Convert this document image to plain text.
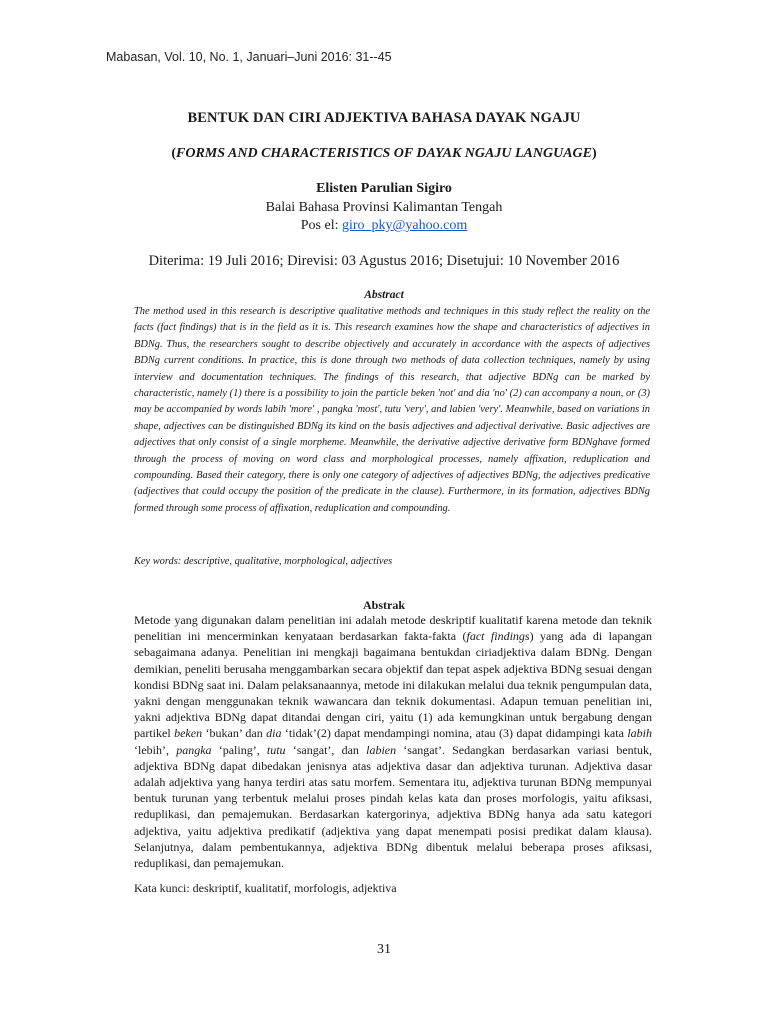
Mabasan, Vol. 10, No. 1, Januari–Juni 2016: 31--45
BENTUK DAN CIRI ADJEKTIVA BAHASA DAYAK NGAJU
(FORMS AND CHARACTERISTICS OF DAYAK NGAJU LANGUAGE)
Elisten Parulian Sigiro
Balai Bahasa Provinsi Kalimantan Tengah
Pos el: giro_pky@yahoo.com
Diterima: 19 Juli 2016; Direvisi: 03 Agustus 2016; Disetujui: 10 November 2016
Abstract

The method used in this research is descriptive qualitative methods and techniques in this study reflect the reality on the facts (fact findings) that is in the field as it is. This research examines how the shape and characteristics of adjectives in BDNg. Thus, the researchers sought to describe objectively and accurately in accordance with the aspects of adjectives BDNg current conditions. In practice, this is done through two methods of data collection techniques, namely by using interview and documentation techniques. The findings of this research, that adjective BDNg can be marked by characteristic, namely (1) there is a possibility to join the particle beken 'not' and dia 'no' (2) can accompany a noun, or (3) may be accompanied by words labih 'more' , pangka 'most', tutu 'very', and labien 'very'. Meanwhile, based on variations in shape, adjectives can be distinguished BDNg its kind on the basis adjectives and adjectival derivative. Basic adjectives are adjectives that only consist of a single morpheme. Meanwhile, the derivative adjective derivative form BDNghave formed through the process of moving on word class and morphological processes, namely affixation, reduplication and compounding. Based their category, there is only one category of adjectives of adjectives BDNg, the adjectives predicative (adjectives that could occupy the position of the predicate in the clause). Furthermore, in its formation, adjectives BDNg formed through some process of affixation, reduplication and compounding.

Key words: descriptive, qualitative, morphological, adjectives
Abstrak

Metode yang digunakan dalam penelitian ini adalah metode deskriptif kualitatif karena metode dan teknik penelitian ini mencerminkan kenyataan berdasarkan fakta-fakta (fact findings) yang ada di lapangan sebagaimana adanya. Penelitian ini mengkaji bagaimana bentukdan ciriadjektiva dalam BDNg. Dengan demikian, peneliti berusaha menggambarkan secara objektif dan tepat aspek adjektiva BDNg sesuai dengan kondisi BDNg saat ini. Dalam pelaksanaannya, metode ini dilakukan melalui dua teknik pengumpulan data, yakni dengan menggunakan teknik wawancara dan teknik dokumentasi. Adapun temuan penelitian ini, yakni adjektiva BDNg dapat ditandai dengan ciri, yaitu (1) ada kemungkinan untuk bergabung dengan partikel beken ‘bukan’ dan dia ‘tidak’(2) dapat mendampingi nomina, atau (3) dapat didampingi kata labih ‘lebih’, pangka ‘paling’, tutu ‘sangat’, dan labien ‘sangat’. Sedangkan berdasarkan variasi bentuk, adjektiva BDNg dapat dibedakan jenisnya atas adjektiva dasar dan adjektiva turunan. Adjektiva dasar adalah adjektiva yang hanya terdiri atas satu morfem. Sementara itu, adjektiva turunan BDNg mempunyai bentuk turunan yang terbentuk melalui proses pindah kelas kata dan proses morfologis, yaitu afiksasi, reduplikasi, dan pemajemukan. Berdasarkan katergorinya, adjektiva BDNg hanya ada satu kategori adjektiva, yaitu adjektiva predikatif (adjektiva yang dapat menempati posisi predikat dalam klausa). Selanjutnya, dalam pembentukannya, adjektiva BDNg dibentuk melalui beberapa proses afiksasi, reduplikasi, dan pemajemukan.

Kata kunci: deskriptif, kualitatif, morfologis, adjektiva
31
